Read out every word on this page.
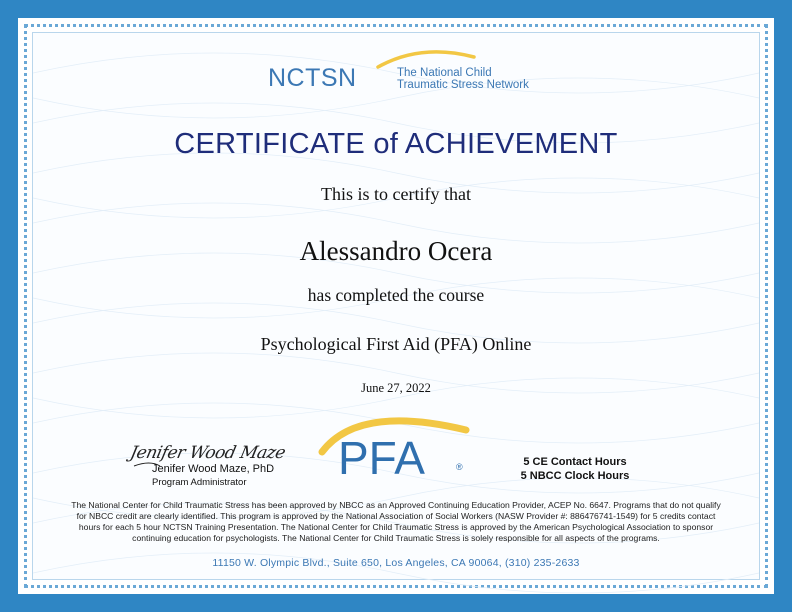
NCTSN	The National Child
Traumatic Stress Network
CERTIFICATE of ACHIEVEMENT
This is to certify that
Alessandro Ocera
has completed the course
Psychological First Aid (PFA) Online
June 27, 2022
Jenifer Wood Maze
Jenifer Wood Maze, PhD
Program Administrator PFA	®	5 CE Contact Hours
5 NBCC Clock Hours
The National Center for Child Traumatic Stress has been approved by NBCC as an Approved Continuing Education Provider, ACEP No. 6647. Programs that do not qualify
for NBCC credit are clearly identified. This program is approved by the National Association of Social Workers (NASW Provider #: 886476741-1549) for 5 credits contact
hours for each 5 hour NCTSN Training Presentation. The National Center for Child Traumatic Stress is approved by the American Psychological Association to sponsor
continuing education for psychologists. The National Center for Child Traumatic Stress is solely responsible for all aspects of the programs.
11150 W. Olympic Blvd., Suite 650, Los Angeles, CA 90064, (310) 235-2633
